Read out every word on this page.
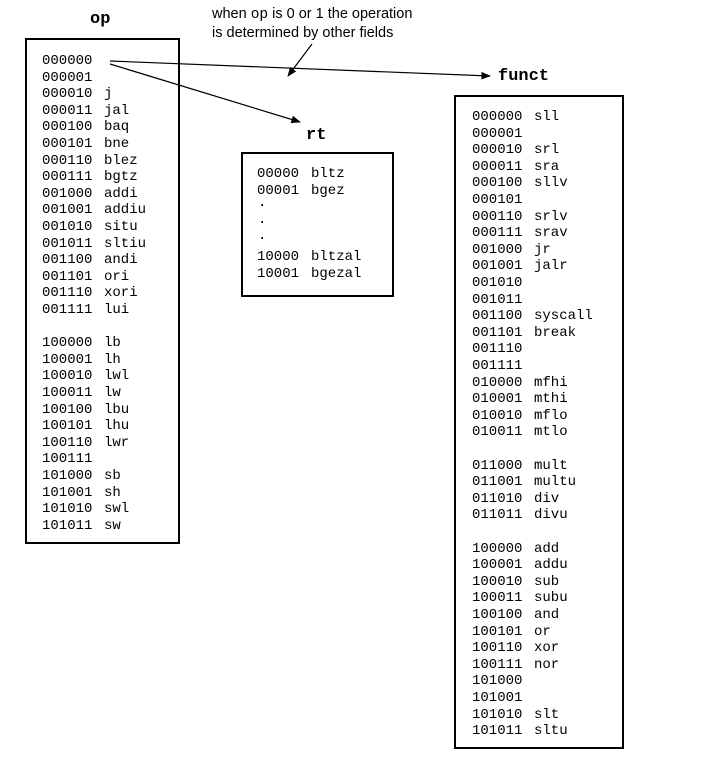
op
rt
funct
when op is 0 or 1 the operation
is determined by other fields
000000
000001
000010 j
000011 jal
000100 baq
000101 bne
000110 blez
000111 bgtz
001000 addi
001001 addiu
001010 situ
001011 sltiu
001100 andi
001101 ori
001110 xori
001111 lui
100000 lb
100001 lh
100010 lwl
100011 lw
100100 lbu
100101 lhu
100110 lwr
100111
101000 sb
101001 sh
101010 swl
101011 sw
00000 bltz
00001 bgez
.
.
.
10000 bltzal
10001 bgezal
000000 sll
000001
000010 srl
000011 sra
000100 sllv
000101
000110 srlv
000111 srav
001000 jr
001001 jalr
001010
001011
001100 syscall
001101 break
001110
001111
010000 mfhi
010001 mthi
010010 mflo
010011 mtlo
011000 mult
011001 multu
011010 div
011011 divu
100000 add
100001 addu
100010 sub
100011 subu
100100 and
100101 or
100110 xor
100111 nor
101000
101001
101010 slt
101011 sltu
